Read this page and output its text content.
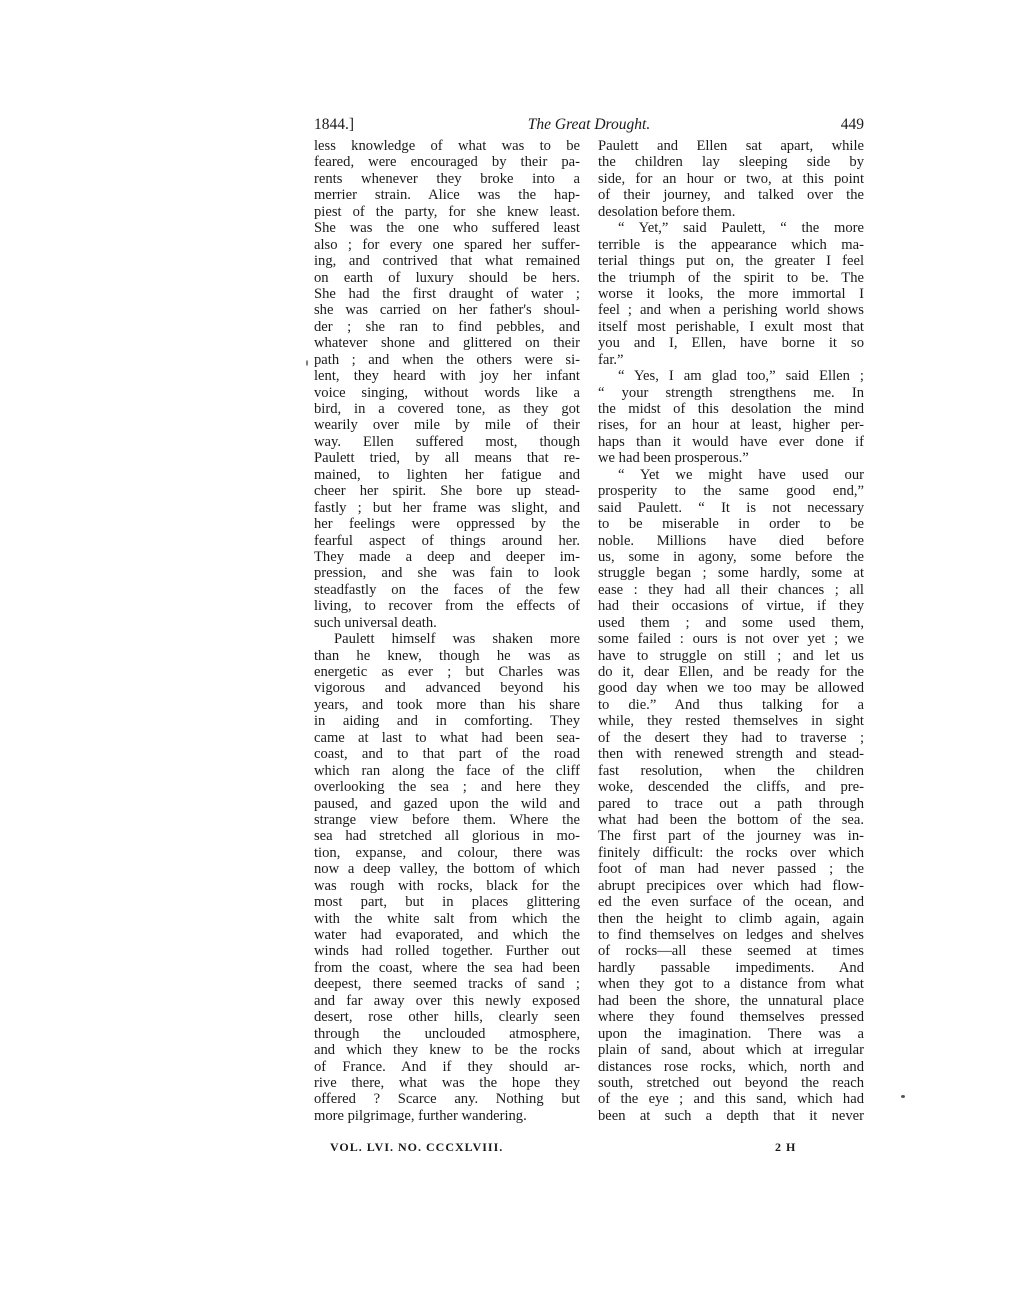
1844.]	The Great Drought.	449
less knowledge of what was to be
feared, were encouraged by their pa-
rents whenever they broke into a
merrier strain. Alice was the hap-
piest of the party, for she knew least.
She was the one who suffered least
also ; for every one spared her suffer-
ing, and contrived that what remained
on earth of luxury should be hers.
She had the first draught of water ;
she was carried on her father's shoul-
der ; she ran to find pebbles, and
whatever shone and glittered on their
path ; and when the others were si-
lent, they heard with joy her infant
voice singing, without words like a
bird, in a covered tone, as they got
wearily over mile by mile of their
way. Ellen suffered most, though
Paulett tried, by all means that re-
mained, to lighten her fatigue and
cheer her spirit. She bore up stead-
fastly ; but her frame was slight, and
her feelings were oppressed by the
fearful aspect of things around her.
They made a deep and deeper im-
pression, and she was fain to look
steadfastly on the faces of the few
living, to recover from the effects of
such universal death.
Paulett himself was shaken more
than he knew, though he was as
energetic as ever ; but Charles was
vigorous and advanced beyond his
years, and took more than his share
in aiding and in comforting. They
came at last to what had been sea-
coast, and to that part of the road
which ran along the face of the cliff
overlooking the sea ; and here they
paused, and gazed upon the wild and
strange view before them. Where the
sea had stretched all glorious in mo-
tion, expanse, and colour, there was
now a deep valley, the bottom of which
was rough with rocks, black for the
most part, but in places glittering
with the white salt from which the
water had evaporated, and which the
winds had rolled together. Further out
from the coast, where the sea had been
deepest, there seemed tracks of sand ;
and far away over this newly exposed
desert, rose other hills, clearly seen
through the unclouded atmosphere,
and which they knew to be the rocks
of France. And if they should ar-
rive there, what was the hope they
offered ? Scarce any. Nothing but
more pilgrimage, further wandering.
Paulett and Ellen sat apart, while
the children lay sleeping side by
side, for an hour or two, at this point
of their journey, and talked over the
desolation before them.
“ Yet,” said Paulett, “ the more
terrible is the appearance which ma-
terial things put on, the greater I feel
the triumph of the spirit to be. The
worse it looks, the more immortal I
feel ; and when a perishing world shows
itself most perishable, I exult most that
you and I, Ellen, have borne it so
far.”
“ Yes, I am glad too,” said Ellen ;
“ your strength strengthens me. In
the midst of this desolation the mind
rises, for an hour at least, higher per-
haps than it would have ever done if
we had been prosperous.”
“ Yet we might have used our
prosperity to the same good end,”
said Paulett. “ It is not necessary
to be miserable in order to be
noble. Millions have died before
us, some in agony, some before the
struggle began ; some hardly, some at
ease : they had all their chances ; all
had their occasions of virtue, if they
used them ; and some used them,
some failed : ours is not over yet ; we
have to struggle on still ; and let us
do it, dear Ellen, and be ready for the
good day when we too may be allowed
to die.” And thus talking for a
while, they rested themselves in sight
of the desert they had to traverse ;
then with renewed strength and stead-
fast resolution, when the children
woke, descended the cliffs, and pre-
pared to trace out a path through
what had been the bottom of the sea.
The first part of the journey was in-
finitely difficult: the rocks over which
foot of man had never passed ; the
abrupt precipices over which had flow-
ed the even surface of the ocean, and
then the height to climb again, again
to find themselves on ledges and shelves
of rocks—all these seemed at times
hardly passable impediments. And
when they got to a distance from what
had been the shore, the unnatural place
where they found themselves pressed
upon the imagination. There was a
plain of sand, about which at irregular
distances rose rocks, which, north and
south, stretched out beyond the reach
of the eye ; and this sand, which had
been at such a depth that it never
VOL. LVI. NO. CCCXLVIII.	2 H
